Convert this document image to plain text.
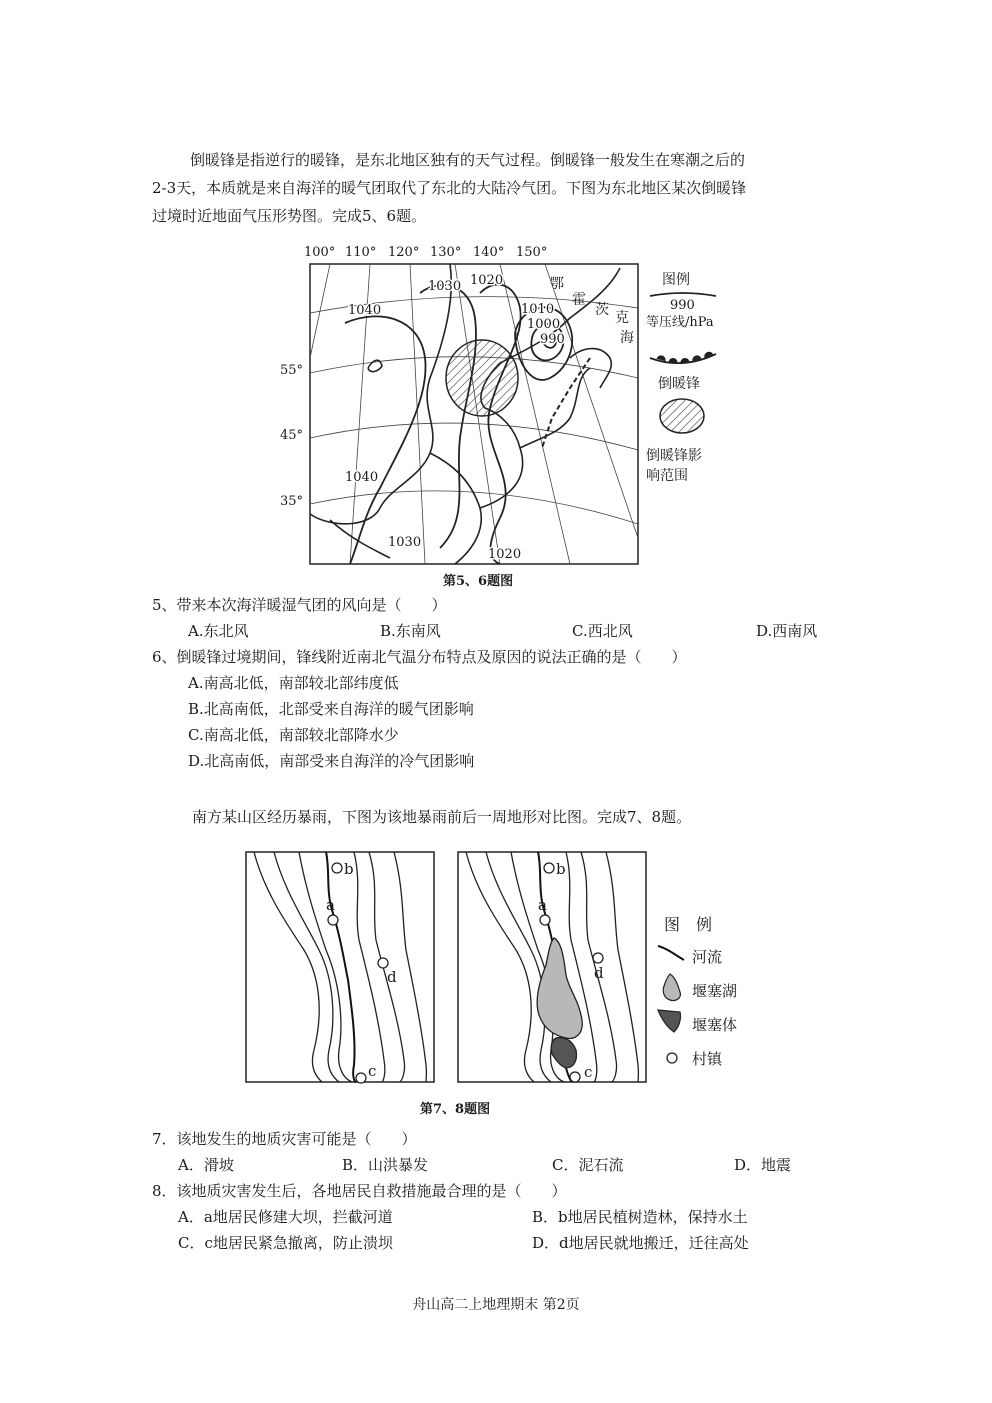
倒暖锋是指逆行的暖锋，是东北地区独有的天气过程。倒暖锋一般发生在寒潮之后的
2-3天，本质就是来自海洋的暖气团取代了东北的大陆冷气团。下图为东北地区某次倒暖锋
过境时近地面气压形势图。完成5、6题。
100° 110° 120° 130° 140° 150°
55°
45°
35°
1040
1030 1020
1010
1000
990
1040
1030
1020
鄂
霍
茨 克
海
图例
990
等压线/hPa
倒暖锋
倒暖锋影
响范围
第5、6题图
5、带来本次海洋暖湿气团的风向是（　　）
A.东北风	B.东南风	C.西北风	D.西南风
6、倒暖锋过境期间，锋线附近南北气温分布特点及原因的说法正确的是（　　）
A.南高北低，南部较北部纬度低
B.北高南低，北部受来自海洋的暖气团影响
C.南高北低，南部较北部降水少
D.北高南低，南部受来自海洋的冷气团影响
南方某山区经历暴雨，下图为该地暴雨前后一周地形对比图。完成7、8题。
b
a
d
c
b
a
d
c
图　例
河流
堰塞湖
堰塞体
村镇
第7、8题图
7．该地发生的地质灾害可能是（　　）
A．滑坡	B．山洪暴发	C．泥石流	D．地震
8．该地质灾害发生后，各地居民自救措施最合理的是（　　）
A．a地居民修建大坝，拦截河道	B．b地居民植树造林，保持水土
C．c地居民紧急撤离，防止溃坝	D．d地居民就地搬迁，迁往高处
舟山高二上地理期末 第2页
